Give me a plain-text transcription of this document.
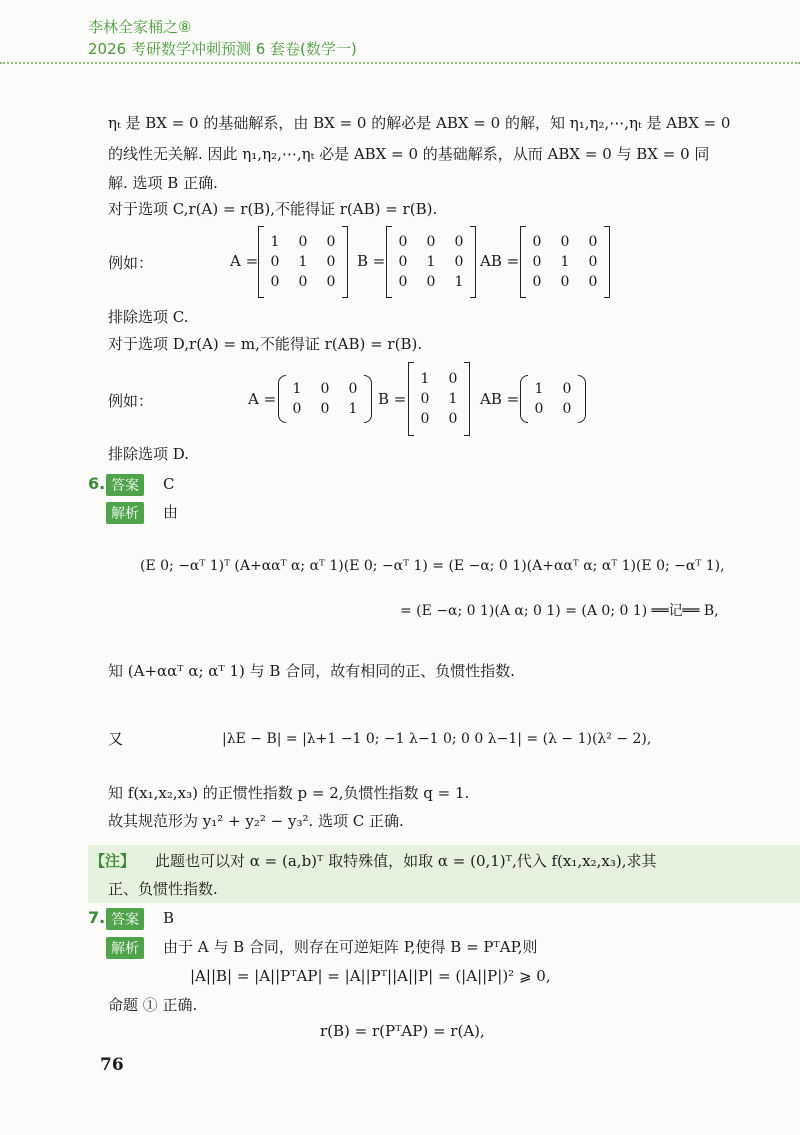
李林全家桶之⑧
2026 考研数学冲刺预测 6 套卷(数学一)
ηₜ 是 BX = 0 的基础解系，由 BX = 0 的解必是 ABX = 0 的解，知 η₁,η₂,⋯,ηₜ 是 ABX = 0
的线性无关解. 因此 η₁,η₂,⋯,ηₜ 必是 ABX = 0 的基础解系，从而 ABX = 0 与 BX = 0 同
解. 选项 B 正确.
对于选项 C,r(A) = r(B),不能得证 r(AB) = r(B).
例如：	A =
1 0 0
0 1 0
0 0 0
B =
0 0 0
0 1 0
0 0 1
AB =
0 0 0
0 1 0
0 0 0
排除选项 C.
对于选项 D,r(A) = m,不能得证 r(AB) = r(B).
例如：	A =
1 0 0
0 0 1
B =
1 0
0 1
0 0
AB =
1 0
0 0
排除选项 D.
6. 答案	C
解析	由
(E 0; −αᵀ 1)ᵀ (A+ααᵀ α; αᵀ 1)(E 0; −αᵀ 1) = (E −α; 0 1)(A+ααᵀ α; αᵀ 1)(E 0; −αᵀ 1),
= (E −α; 0 1)(A α; 0 1) = (A 0; 0 1) ══记══ B,
知 (A+ααᵀ α; αᵀ 1) 与 B 合同，故有相同的正、负惯性指数.
又	|λE − B| = |λ+1 −1 0; −1 λ−1 0; 0 0 λ−1| = (λ − 1)(λ² − 2),
知 f(x₁,x₂,x₃) 的正惯性指数 p = 2,负惯性指数 q = 1.
故其规范形为 y₁² + y₂² − y₃². 选项 C 正确.
【注】 此题也可以对 α = (a,b)ᵀ 取特殊值，如取 α = (0,1)ᵀ,代入 f(x₁,x₂,x₃),求其
正、负惯性指数.
7. 答案	B
解析	由于 A 与 B 合同，则存在可逆矩阵 P,使得 B = PᵀAP,则
|A||B| = |A||PᵀAP| = |A||Pᵀ||A||P| = (|A||P|)² ⩾ 0,
命题 ① 正确.
r(B) = r(PᵀAP) = r(A),
76
